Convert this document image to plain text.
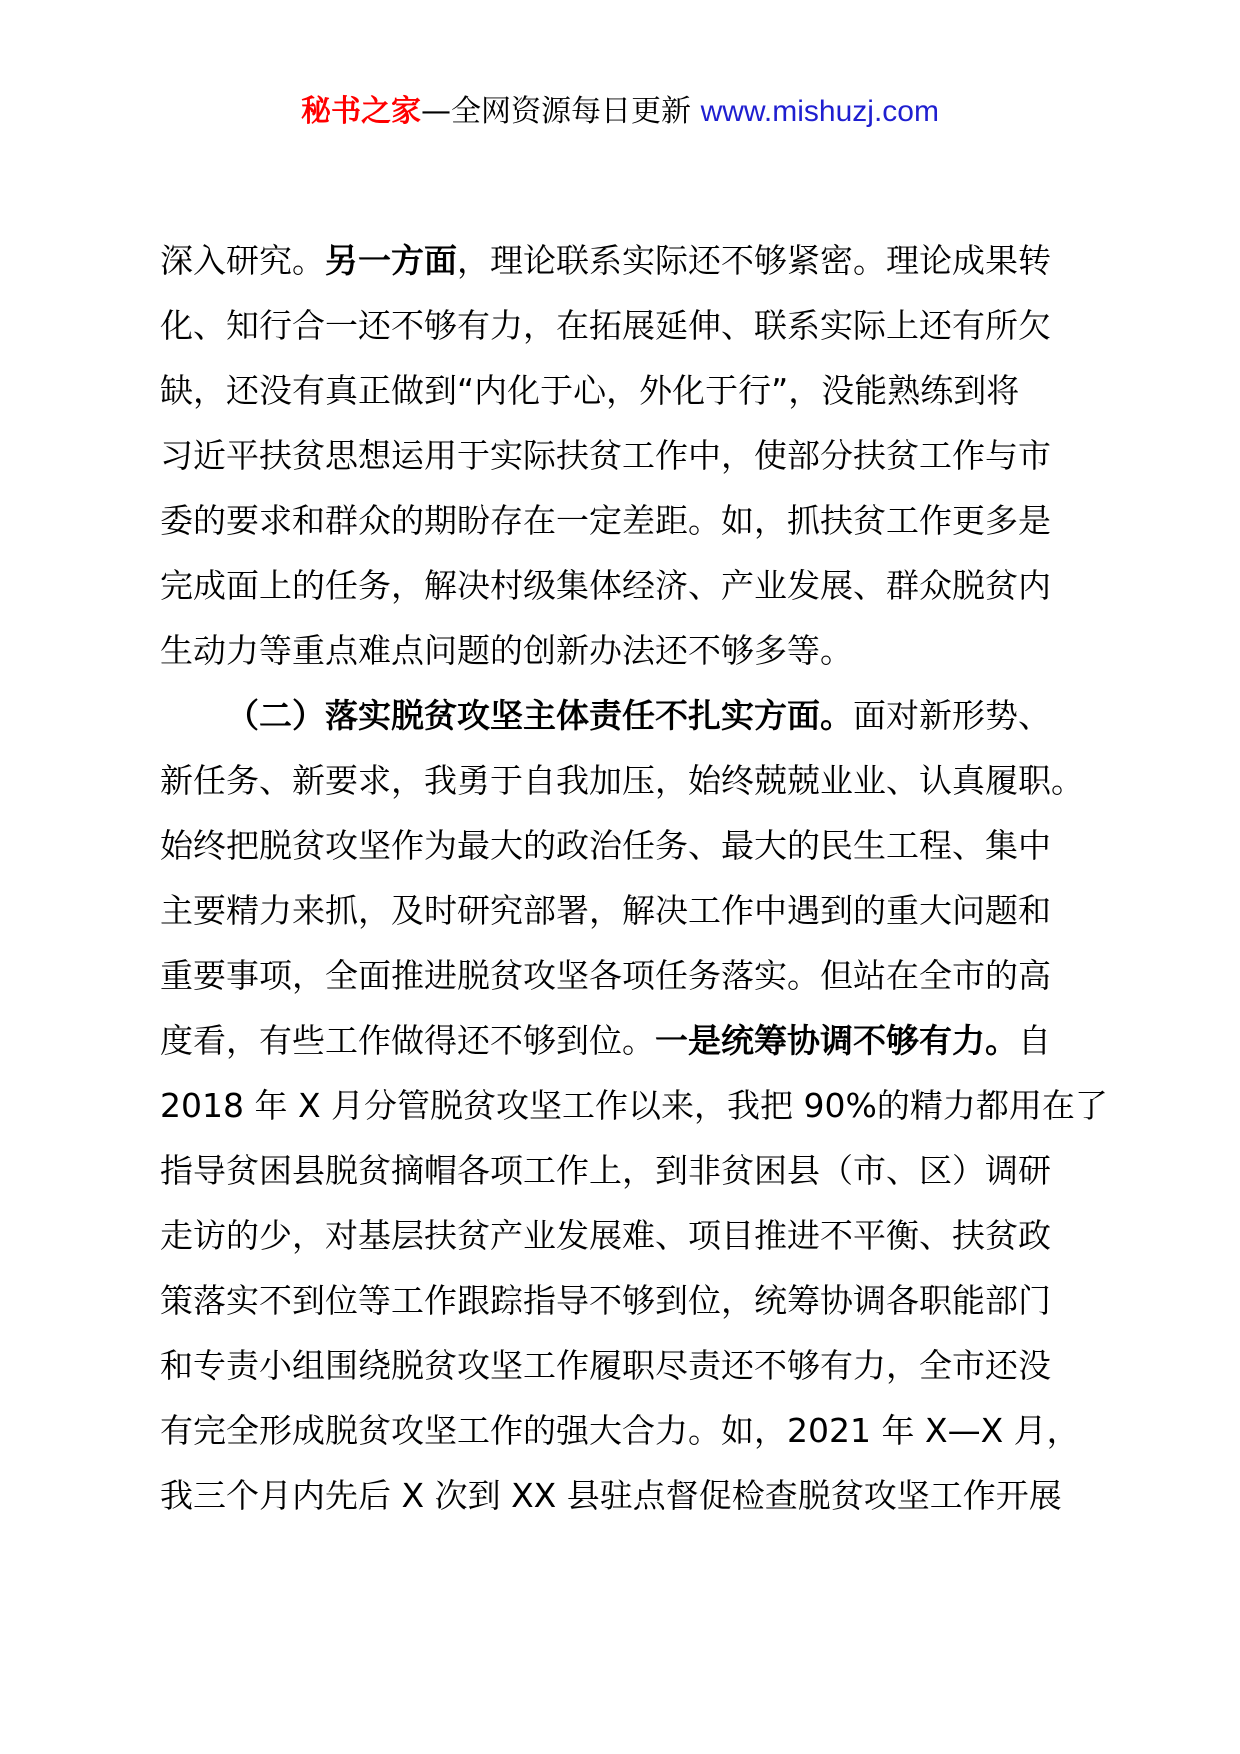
秘书之家—全网资源每日更新 www.mishuzj.com
深入研究。另一方面，理论联系实际还不够紧密。理论成果转
化、知行合一还不够有力，在拓展延伸、联系实际上还有所欠
缺，还没有真正做到“内化于心，外化于行”，没能熟练到将
习近平扶贫思想运用于实际扶贫工作中，使部分扶贫工作与市
委的要求和群众的期盼存在一定差距。如，抓扶贫工作更多是
完成面上的任务，解决村级集体经济、产业发展、群众脱贫内
生动力等重点难点问题的创新办法还不够多等。
（二）落实脱贫攻坚主体责任不扎实方面。面对新形势、
新任务、新要求，我勇于自我加压，始终兢兢业业、认真履职。
始终把脱贫攻坚作为最大的政治任务、最大的民生工程、集中
主要精力来抓，及时研究部署，解决工作中遇到的重大问题和
重要事项，全面推进脱贫攻坚各项任务落实。但站在全市的高
度看，有些工作做得还不够到位。一是统筹协调不够有力。自
2018 年 X 月分管脱贫攻坚工作以来，我把 90%的精力都用在了
指导贫困县脱贫摘帽各项工作上，到非贫困县（市、区）调研
走访的少，对基层扶贫产业发展难、项目推进不平衡、扶贫政
策落实不到位等工作跟踪指导不够到位，统筹协调各职能部门
和专责小组围绕脱贫攻坚工作履职尽责还不够有力，全市还没
有完全形成脱贫攻坚工作的强大合力。如，2021 年 X—X 月，
我三个月内先后 X 次到 XX 县驻点督促检查脱贫攻坚工作开展
